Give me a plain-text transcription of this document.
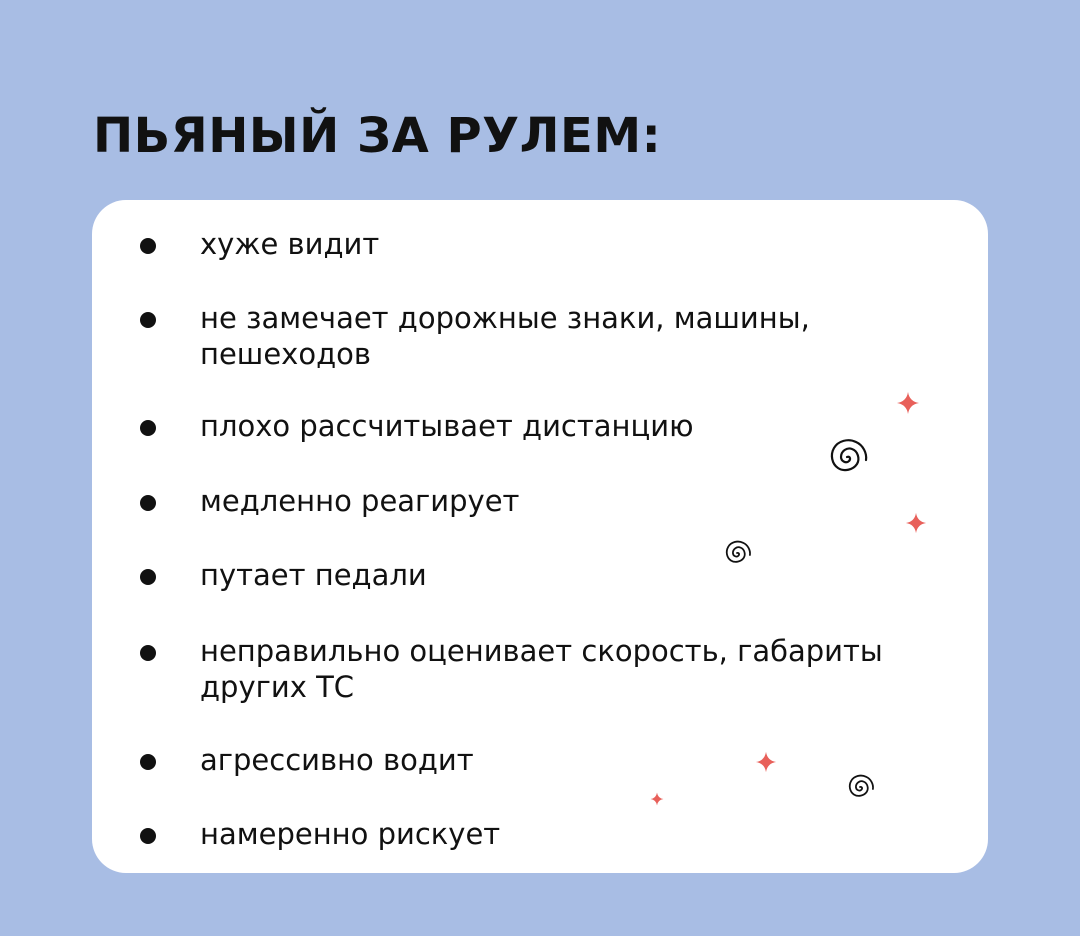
ПЬЯНЫЙ ЗА РУЛЕМ:
хуже видит
не замечает дорожные знаки, машины,
пешеходов
плохо рассчитывает дистанцию
медленно реагирует
путает педали
неправильно оценивает скорость, габариты
других ТС
агрессивно водит
намеренно рискует
